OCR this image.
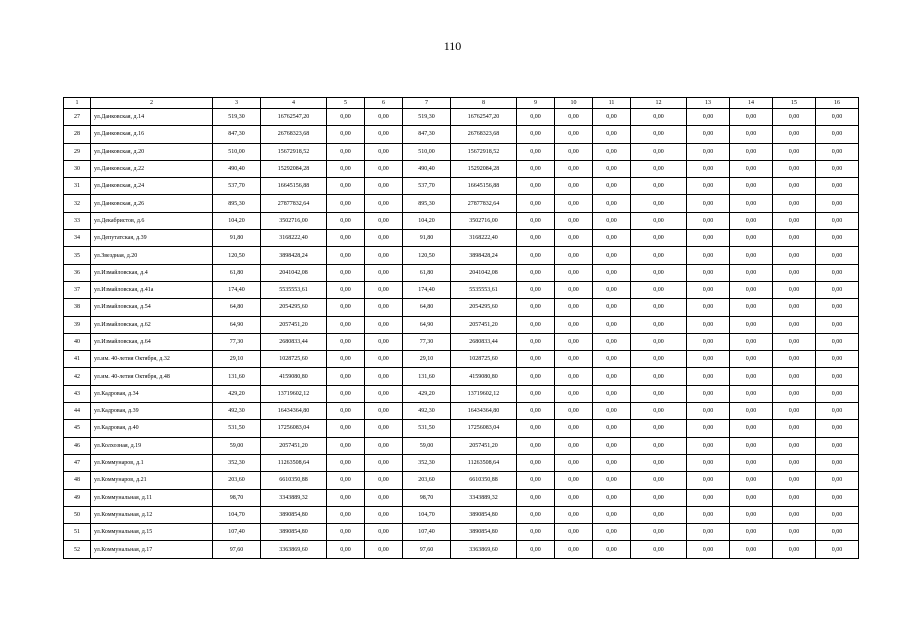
110
1	2	3	4	5	6	7	8	9	10	11	12	13	14	15	16
27	ул.Данковская, д.14	519,30	16762547,20	0,00	0,00	519,30	16762547,20	0,00	0,00	0,00	0,00	0,00	0,00	0,00	0,00
28	ул.Данковская, д.16	847,30	26768323,68	0,00	0,00	847,30	26768323,68	0,00	0,00	0,00	0,00	0,00	0,00	0,00	0,00
29	ул.Данковская, д.20	510,00	15672918,52	0,00	0,00	510,00	15672918,52	0,00	0,00	0,00	0,00	0,00	0,00	0,00	0,00
30	ул.Данковская, д.22	490,40	15292084,28	0,00	0,00	490,40	15292084,28	0,00	0,00	0,00	0,00	0,00	0,00	0,00	0,00
31	ул.Данковская, д.24	537,70	16645156,88	0,00	0,00	537,70	16645156,88	0,00	0,00	0,00	0,00	0,00	0,00	0,00	0,00
32	ул.Данковская, д.26	895,30	27877832,64	0,00	0,00	895,30	27877832,64	0,00	0,00	0,00	0,00	0,00	0,00	0,00	0,00
33	ул.Декабристов, д.6	104,20	3502716,00	0,00	0,00	104,20	3502716,00	0,00	0,00	0,00	0,00	0,00	0,00	0,00	0,00
34	ул.Депутатская, д.39	91,80	3168222,40	0,00	0,00	91,80	3168222,40	0,00	0,00	0,00	0,00	0,00	0,00	0,00	0,00
35	ул.Звездная, д.20	120,50	3898428,24	0,00	0,00	120,50	3898428,24	0,00	0,00	0,00	0,00	0,00	0,00	0,00	0,00
36	ул.Измайловская, д.4	61,80	2041042,08	0,00	0,00	61,80	2041042,08	0,00	0,00	0,00	0,00	0,00	0,00	0,00	0,00
37	ул.Измайловская, д.41а	174,40	5535553,61	0,00	0,00	174,40	5535553,61	0,00	0,00	0,00	0,00	0,00	0,00	0,00	0,00
38	ул.Измайловская, д.54	64,80	2054295,60	0,00	0,00	64,80	2054295,60	0,00	0,00	0,00	0,00	0,00	0,00	0,00	0,00
39	ул.Измайловская, д.62	64,90	2057451,20	0,00	0,00	64,90	2057451,20	0,00	0,00	0,00	0,00	0,00	0,00	0,00	0,00
40	ул.Измайловская, д.64	77,30	2680833,44	0,00	0,00	77,30	2680833,44	0,00	0,00	0,00	0,00	0,00	0,00	0,00	0,00
41	ул.им. 40-летия Октября, д.32	29,10	1028725,60	0,00	0,00	29,10	1028725,60	0,00	0,00	0,00	0,00	0,00	0,00	0,00	0,00
42	ул.им. 40-летия Октября, д.48	131,60	4159080,80	0,00	0,00	131,60	4159080,80	0,00	0,00	0,00	0,00	0,00	0,00	0,00	0,00
43	ул.Кадровая, д.34	429,20	13719602,12	0,00	0,00	429,20	13719602,12	0,00	0,00	0,00	0,00	0,00	0,00	0,00	0,00
44	ул.Кадровая, д.39	492,30	16434364,80	0,00	0,00	492,30	16434364,80	0,00	0,00	0,00	0,00	0,00	0,00	0,00	0,00
45	ул.Кадровая, д.40	531,50	17256083,04	0,00	0,00	531,50	17256083,04	0,00	0,00	0,00	0,00	0,00	0,00	0,00	0,00
46	ул.Колхозная, д.19	59,00	2057451,20	0,00	0,00	59,00	2057451,20	0,00	0,00	0,00	0,00	0,00	0,00	0,00	0,00
47	ул.Коммунаров, д.1	352,30	11263508,64	0,00	0,00	352,30	11263508,64	0,00	0,00	0,00	0,00	0,00	0,00	0,00	0,00
48	ул.Коммунаров, д.21	203,60	6610350,88	0,00	0,00	203,60	6610350,88	0,00	0,00	0,00	0,00	0,00	0,00	0,00	0,00
49	ул.Коммунальная, д.11	98,70	3343889,32	0,00	0,00	98,70	3343889,32	0,00	0,00	0,00	0,00	0,00	0,00	0,00	0,00
50	ул.Коммунальная, д.12	104,70	3890854,80	0,00	0,00	104,70	3890854,80	0,00	0,00	0,00	0,00	0,00	0,00	0,00	0,00
51	ул.Коммунальная, д.15	107,40	3890854,80	0,00	0,00	107,40	3890854,80	0,00	0,00	0,00	0,00	0,00	0,00	0,00	0,00
52	ул.Коммунальная, д.17	97,60	3363869,60	0,00	0,00	97,60	3363869,60	0,00	0,00	0,00	0,00	0,00	0,00	0,00	0,00
